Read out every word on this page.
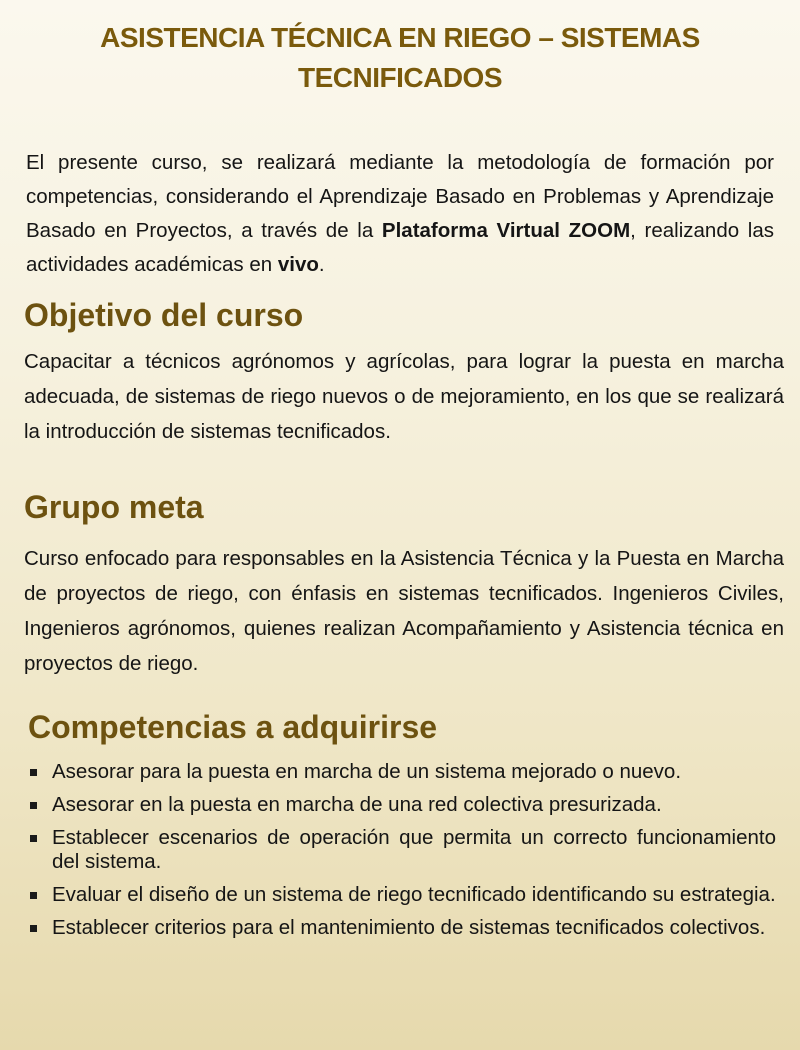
ASISTENCIA TÉCNICA EN RIEGO – SISTEMAS TECNIFICADOS

El presente curso, se realizará mediante la metodología de formación por competencias, considerando el Aprendizaje Basado en Problemas y Aprendizaje Basado en Proyectos, a través de la Plataforma Virtual ZOOM, realizando las actividades académicas en vivo.

Objetivo del curso

Capacitar a técnicos agrónomos y agrícolas, para lograr la puesta en marcha adecuada, de sistemas de riego nuevos o de mejoramiento, en los que se realizará la introducción de sistemas tecnificados.

Grupo meta

Curso enfocado para responsables en la Asistencia Técnica y la Puesta en Marcha de proyectos de riego, con énfasis en sistemas tecnificados. Ingenieros Civiles, Ingenieros agrónomos, quienes realizan Acompañamiento y Asistencia técnica en proyectos de riego.

Competencias a adquirirse
Asesorar para la puesta en marcha de un sistema mejorado o nuevo.
Asesorar en la puesta en marcha de una red colectiva presurizada.
Establecer escenarios de operación que permita un correcto funcionamiento del sistema.
Evaluar el diseño de un sistema de riego tecnificado identificando su estrategia.
Establecer criterios para el mantenimiento de sistemas tecnificados colectivos.
